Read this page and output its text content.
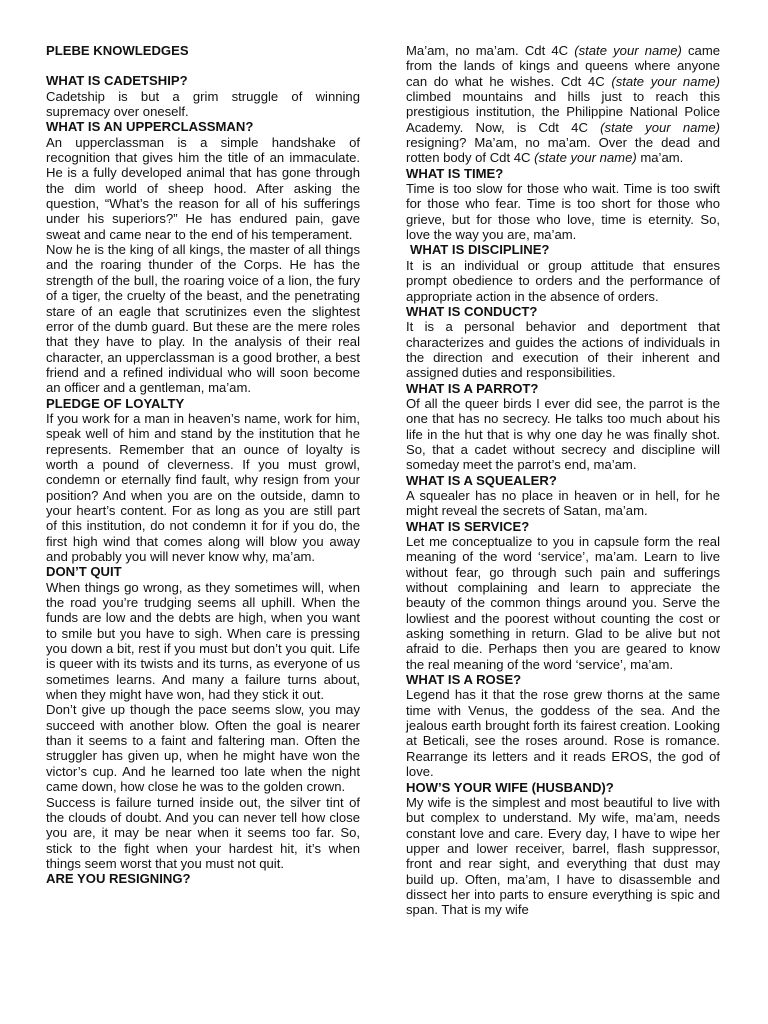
PLEBE KNOWLEDGES

WHAT IS CADETSHIP?

Cadetship is but a grim struggle of winning supremacy over oneself.

WHAT IS AN UPPERCLASSMAN?

An upperclassman is a simple handshake of recognition that gives him the title of an immaculate. He is a fully developed animal that has gone through the dim world of sheep hood. After asking the question, “What’s the reason for all of his sufferings under his superiors?” He has endured pain, gave sweat and came near to the end of his temperament.

Now he is the king of all kings, the master of all things and the roaring thunder of the Corps. He has the strength of the bull, the roaring voice of a lion, the fury of a tiger, the cruelty of the beast, and the penetrating stare of an eagle that scrutinizes even the slightest error of the dumb guard. But these are the mere roles that they have to play. In the analysis of their real character, an upperclassman is a good brother, a best friend and a refined individual who will soon become an officer and a gentleman, ma’am.

PLEDGE OF LOYALTY

If you work for a man in heaven’s name, work for him, speak well of him and stand by the institution that he represents. Remember that an ounce of loyalty is worth a pound of cleverness. If you must growl, condemn or eternally find fault, why resign from your position? And when you are on the outside, damn to your heart’s content. For as long as you are still part of this institution, do not condemn it for if you do, the first high wind that comes along will blow you away and probably you will never know why, ma’am.

DON’T QUIT

When things go wrong, as they sometimes will, when the road you’re trudging seems all uphill. When the funds are low and the debts are high, when you want to smile but you have to sigh. When care is pressing you down a bit, rest if you must but don’t you quit. Life is queer with its twists and its turns, as everyone of us sometimes learns. And many a failure turns about, when they might have won, had they stick it out.

Don’t give up though the pace seems slow, you may succeed with another blow. Often the goal is nearer than it seems to a faint and faltering man. Often the struggler has given up, when he might have won the victor’s cup. And he learned too late when the night came down, how close he was to the golden crown.

Success is failure turned inside out, the silver tint of the clouds of doubt. And you can never tell how close you are, it may be near when it seems too far. So, stick to the fight when your hardest hit, it’s when things seem worst that you must not quit.

ARE YOU RESIGNING?

Ma’am, no ma’am. Cdt 4C (state your name) came from the lands of kings and queens where anyone can do what he wishes. Cdt 4C (state your name) climbed mountains and hills just to reach this prestigious institution, the Philippine National Police Academy. Now, is Cdt 4C (state your name) resigning? Ma’am, no ma’am. Over the dead and rotten body of Cdt 4C (state your name) ma’am.

WHAT IS TIME?

Time is too slow for those who wait. Time is too swift for those who fear. Time is too short for those who grieve, but for those who love, time is eternity. So, love the way you are, ma’am.

WHAT IS DISCIPLINE?

It is an individual or group attitude that ensures prompt obedience to orders and the performance of appropriate action in the absence of orders.

WHAT IS CONDUCT?

It is a personal behavior and deportment that characterizes and guides the actions of individuals in the direction and execution of their inherent and assigned duties and responsibilities.

WHAT IS A PARROT?

Of all the queer birds I ever did see, the parrot is the one that has no secrecy. He talks too much about his life in the hut that is why one day he was finally shot. So, that a cadet without secrecy and discipline will someday meet the parrot’s end, ma’am.

WHAT IS A SQUEALER?

A squealer has no place in heaven or in hell, for he might reveal the secrets of Satan, ma’am.

WHAT IS SERVICE?

Let me conceptualize to you in capsule form the real meaning of the word ‘service’, ma’am. Learn to live without fear, go through such pain and sufferings without complaining and learn to appreciate the beauty of the common things around you. Serve the lowliest and the poorest without counting the cost or asking something in return. Glad to be alive but not afraid to die. Perhaps then you are geared to know the real meaning of the word ‘service’, ma’am.

WHAT IS A ROSE?

Legend has it that the rose grew thorns at the same time with Venus, the goddess of the sea. And the jealous earth brought forth its fairest creation. Looking at Beticali, see the roses around. Rose is romance. Rearrange its letters and it reads EROS, the god of love.

HOW’S YOUR WIFE (HUSBAND)?

My wife is the simplest and most beautiful to live with but complex to understand. My wife, ma’am, needs constant love and care. Every day, I have to wipe her upper and lower receiver, barrel, flash suppressor, front and rear sight, and everything that dust may build up. Often, ma’am, I have to disassemble and dissect her into parts to ensure everything is spic and span. That is my wife
